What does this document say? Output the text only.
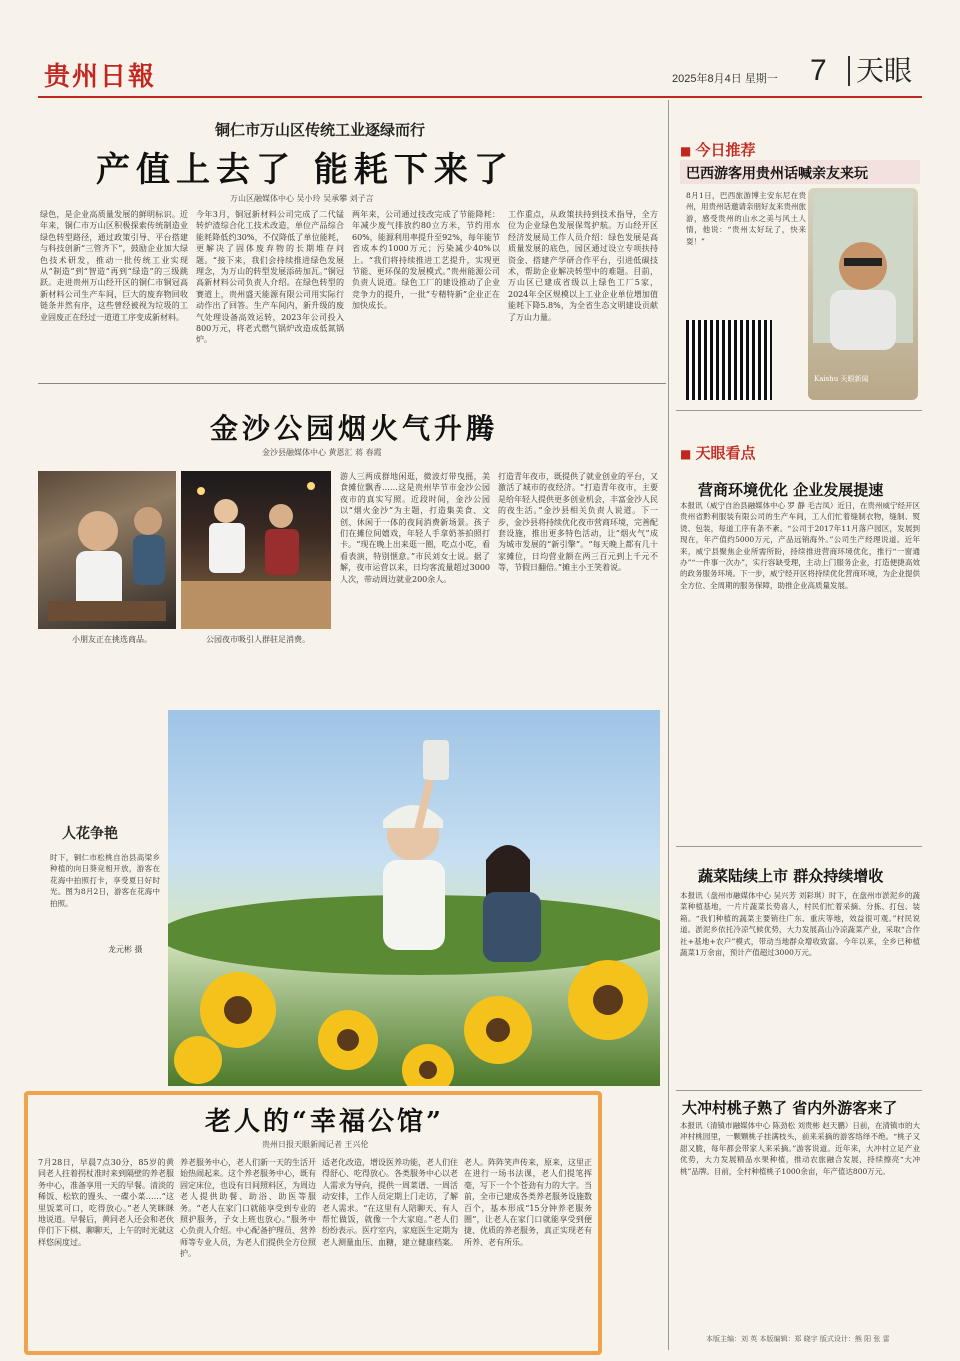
贵州日報	2025年8月4日 星期一 7 天眼
铜仁市万山区传统工业逐绿而行
产值上去了 能耗下来了
万山区融媒体中心 吴小玲 吴承攀 刘子言
绿色，是企业高质量发展的鲜明标识。近年来，铜仁市万山区积极探索传统制造业绿色转型路径，通过政策引导、平台搭建与科技创新“三管齐下”，鼓励企业加大绿色技术研发，推动一批传统工业实现从“制造”到“智造”再到“绿造”的三级跳跃。走进贵州万山经开区的铜仁市铜冠高新材料公司生产车间，巨大的废弃物回收链条井然有序，这些曾经被视为垃圾的工业固废正在经过一道道工序变成新材料。
今年3月，铜冠新材料公司完成了二代锰转炉渣综合化工技术改造，单位产品综合能耗降低约30%，不仅降低了单位能耗，更解决了固体废弃物的长期堆存问题。“接下来，我们会持续推进绿色发展理念，为万山的转型发展添砖加瓦。”铜冠高新材料公司负责人介绍。在绿色转型的赛道上，贵州盛天能源有限公司用实际行动作出了回答。生产车间内，新升级的废气处理设备高效运转，2023年公司投入800万元，将老式燃气锅炉改造成低氮锅炉。
两年来，公司通过技改完成了节能降耗：年减少废气排放约80立方米，节约用水60%，能源利用率提升至92%，每年能节省成本约1000万元；污染减少40%以上。“我们将持续推进工艺提升，实现更节能、更环保的发展模式。”贵州能源公司负责人说道。绿色工厂的建设推动了企业竞争力的提升，一批“专精特新”企业正在加快成长。
工作重点，从政策扶持到技术指导，全方位为企业绿色发展保驾护航。万山经开区经济发展局工作人员介绍：绿色发展是高质量发展的底色，园区通过设立专项扶持资金、搭建产学研合作平台，引进低碳技术，帮助企业解决转型中的难题。目前，万山区已建成省级以上绿色工厂5家，2024年全区规模以上工业企业单位增加值能耗下降5.8%，为全省生态文明建设贡献了万山力量。
金沙公园烟火气升腾
金沙县融媒体中心 黄恩汇 蒋 春霞
小朋友正在挑选商品。	公园夜市吸引人群驻足消费。
游人三两成群地闲逛，微波灯带曳摇，美食摊位飘香……这是贵州毕节市金沙公园夜市的真实写照。近段时间，金沙公园以“烟火金沙”为主题，打造集美食、文创、休闲于一体的夜间消费新场景。孩子们在摊位间嬉戏，年轻人手拿奶茶拍照打卡。“现在晚上出来逛一圈，吃点小吃，看看表演，特别惬意。”市民刘女士说。据了解，夜市运营以来，日均客流量超过3000人次，带动周边就业200余人。
打造青年夜市，既提供了就业创业的平台，又激活了城市的夜经济。“打造青年夜市，主要是给年轻人提供更多创业机会，丰富金沙人民的夜生活。”金沙县相关负责人说道。下一步，金沙县将持续优化夜市营商环境，完善配套设施，推出更多特色活动，让“烟火气”成为城市发展的“新引擎”。“每天晚上都有几十家摊位，日均营业额在两三百元到上千元不等，节假日翻倍。”摊主小王笑着说。
人花争艳
时下，铜仁市松桃自治县高梁乡种植的向日葵竞相开放，游客在花海中拍照打卡，享受夏日好时光。图为8月2日，游客在花海中拍照。
龙元彬 摄
老人的“幸福公馆”
贵州日报天眼新闻记者 王兴伦
7月28日，早晨7点30分，85岁的黄同老人拄着拐杖准时来到隔壁的养老服务中心，准备享用一天的早餐。清淡的稀饭、松软的馒头、一碟小菜……“这里饭菜可口，吃得放心。”老人笑眯眯地说道。早餐后，黄同老人还会和老伙伴们下下棋、聊聊天，上午的时光就这样悠闲度过。
养老服务中心，老人们新一天的生活开始热闹起来。这个养老服务中心，既有固定床位，也设有日间照料区，为周边老人提供助餐、助浴、助医等服务。“老人在家门口就能享受到专业的照护服务，子女上班也放心。”服务中心负责人介绍。中心配备护理员、营养师等专业人员，为老人们提供全方位照护。
适老化改造，增设医养功能，老人们住得舒心、吃得放心。各类服务中心以老人需求为导向，提供一周菜谱、一周活动安排，工作人员定期上门走访，了解老人需求。“在这里有人陪聊天、有人帮忙做饭，就像一个大家庭。”老人们纷纷表示。医疗室内，家庭医生定期为老人测量血压、血糖，建立健康档案。
老人。阵阵笑声传来，原来，这里正在进行一场书法课，老人们提笔挥毫，写下一个个苍劲有力的大字。当前，全市已建成各类养老服务设施数百个，基本形成“15分钟养老服务圈”，让老人在家门口就能享受到便捷、优质的养老服务，真正实现老有所养、老有所乐。
■ 今日推荐
巴西游客用贵州话喊亲友来玩
8月1日，巴西旅游博主安东尼在贵州，用贵州话邀请亲朋好友来贵州旅游，感受贵州的山水之美与风土人情，他说：“贵州太好玩了，快来耍！”
Kaishu 天眼新闻
■ 天眼看点
营商环境优化 企业发展提速
本报讯（威宁自治县融媒体中心 罗 静 毛吉凤）近日，在贵州威宁经开区贵州省黔利服装有限公司的生产车间，工人们忙着缝制衣物，缝制、熨烫、包装，每道工序有条不紊。“公司于2017年11月落户园区，发展到现在，年产值约5000万元，产品远销海外。”公司生产经理说道。近年来，威宁县聚焦企业所需所盼，持续推进营商环境优化，推行“一窗通办”“一件事一次办”，实行容缺受理，主动上门服务企业，打造便捷高效的政务服务环境。下一步，威宁经开区将持续优化营商环境，为企业提供全方位、全周期的服务保障，助推企业高质量发展。
蔬菜陆续上市 群众持续增收
本报讯（盘州市融媒体中心 吴兴芳 刘彩琪）时下，在盘州市淤泥乡的蔬菜种植基地，一片片蔬菜长势喜人，村民们忙着采摘、分拣、打包、装箱。“我们种植的蔬菜主要销往广东、重庆等地，效益很可观。”村民说道。淤泥乡依托冷凉气候优势，大力发展高山冷凉蔬菜产业，采取“合作社+基地+农户”模式，带动当地群众增收致富。今年以来，全乡已种植蔬菜1万余亩，预计产值超过3000万元。
大冲村桃子熟了 省内外游客来了
本报讯（清镇市融媒体中心 陈劲松 刘贵彬 赵天鹏）日前，在清镇市的大冲村桃园里，一颗颗桃子挂满枝头，前来采摘的游客络绎不绝。“桃子又甜又脆，每年都会带家人来采摘。”游客说道。近年来，大冲村立足产业优势，大力发展精品水果种植，推动农旅融合发展，持续擦亮“大冲桃”品牌。目前，全村种植桃子1000余亩，年产值达800万元。
本版主编：刘 英 本版编辑：郑 晓宇 版式设计：熊 阳 张 雷
